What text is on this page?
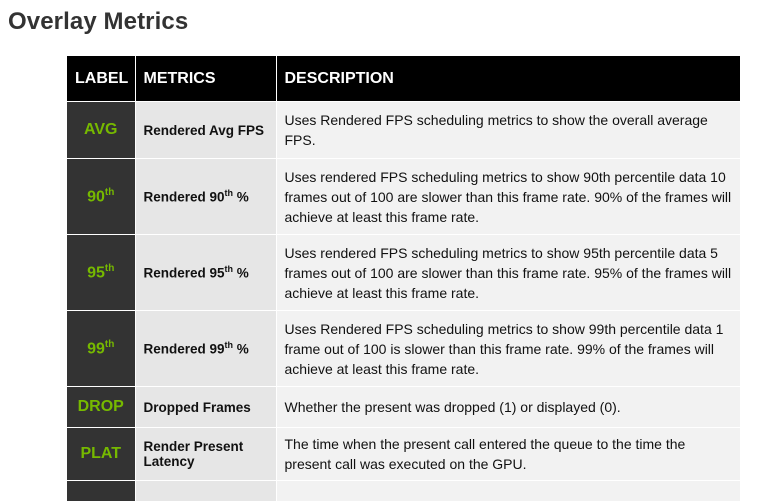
Overlay Metrics
LABEL	METRICS	DESCRIPTION
AVG	Rendered Avg FPS	Uses Rendered FPS scheduling metrics to show the overall average FPS.
90th	Rendered 90th %	Uses rendered FPS scheduling metrics to show 90th percentile data 10 frames out of 100 are slower than this frame rate. 90% of the frames will achieve at least this frame rate.
95th	Rendered 95th %	Uses rendered FPS scheduling metrics to show 95th percentile data 5 frames out of 100 are slower than this frame rate. 95% of the frames will achieve at least this frame rate.
99th	Rendered 99th %	Uses Rendered FPS scheduling metrics to show 99th percentile data 1 frame out of 100 is slower than this frame rate. 99% of the frames will achieve at least this frame rate.
DROP	Dropped Frames	Whether the present was dropped (1) or displayed (0).
PLAT	Render Present Latency	The time when the present call entered the queue to the time the present call was executed on the GPU.
